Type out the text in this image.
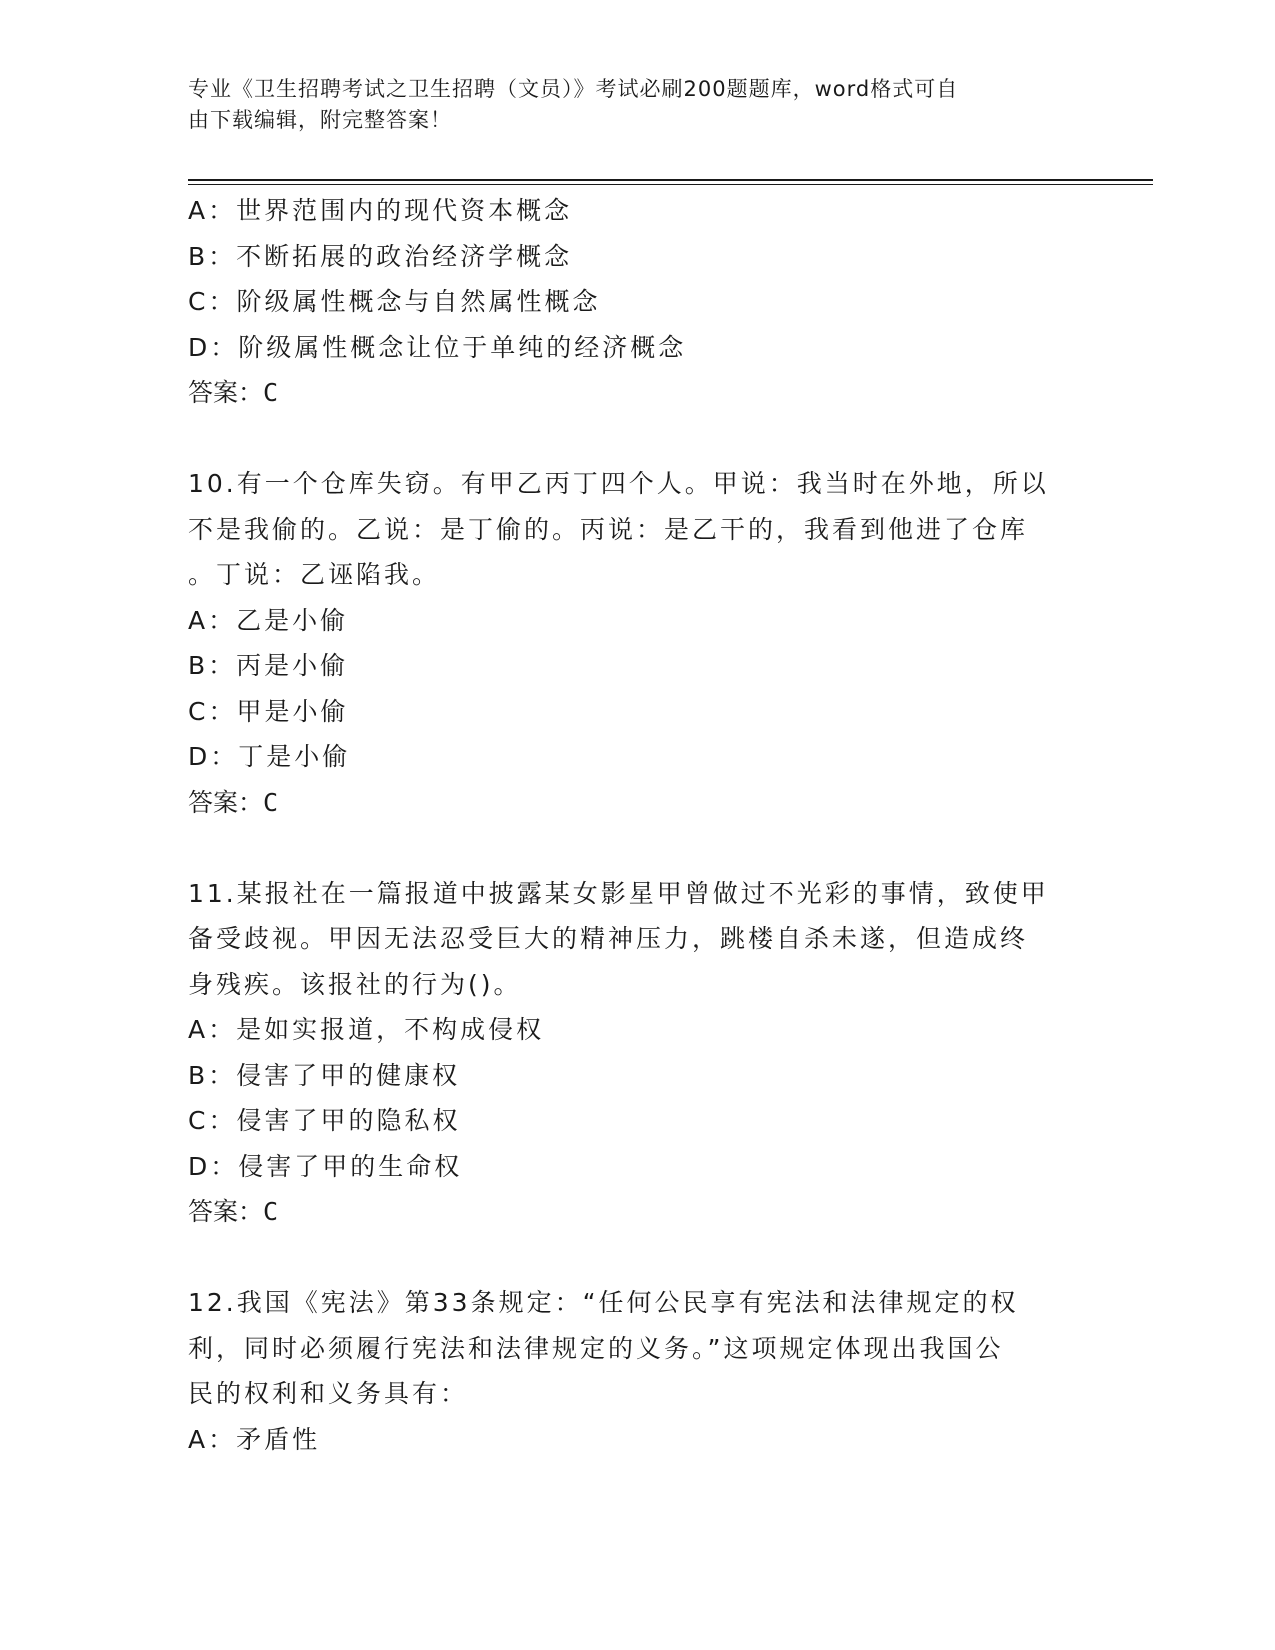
专业《卫生招聘考试之卫生招聘（文员）》考试必刷200题题库，word格式可自
由下载编辑，附完整答案！
A：世界范围内的现代资本概念
B：不断拓展的政治经济学概念
C：阶级属性概念与自然属性概念
D：阶级属性概念让位于单纯的经济概念
答案：C
10.有一个仓库失窃。有甲乙丙丁四个人。甲说：我当时在外地，所以
不是我偷的。乙说：是丁偷的。丙说：是乙干的，我看到他进了仓库
。丁说：乙诬陷我。
A：乙是小偷
B：丙是小偷
C：甲是小偷
D：丁是小偷
答案：C
11.某报社在一篇报道中披露某女影星甲曾做过不光彩的事情，致使甲
备受歧视。甲因无法忍受巨大的精神压力，跳楼自杀未遂，但造成终
身残疾。该报社的行为()。
A：是如实报道，不构成侵权
B：侵害了甲的健康权
C：侵害了甲的隐私权
D：侵害了甲的生命权
答案：C
12.我国《宪法》第33条规定：“任何公民享有宪法和法律规定的权
利，同时必须履行宪法和法律规定的义务。”这项规定体现出我国公
民的权利和义务具有：
A：矛盾性
